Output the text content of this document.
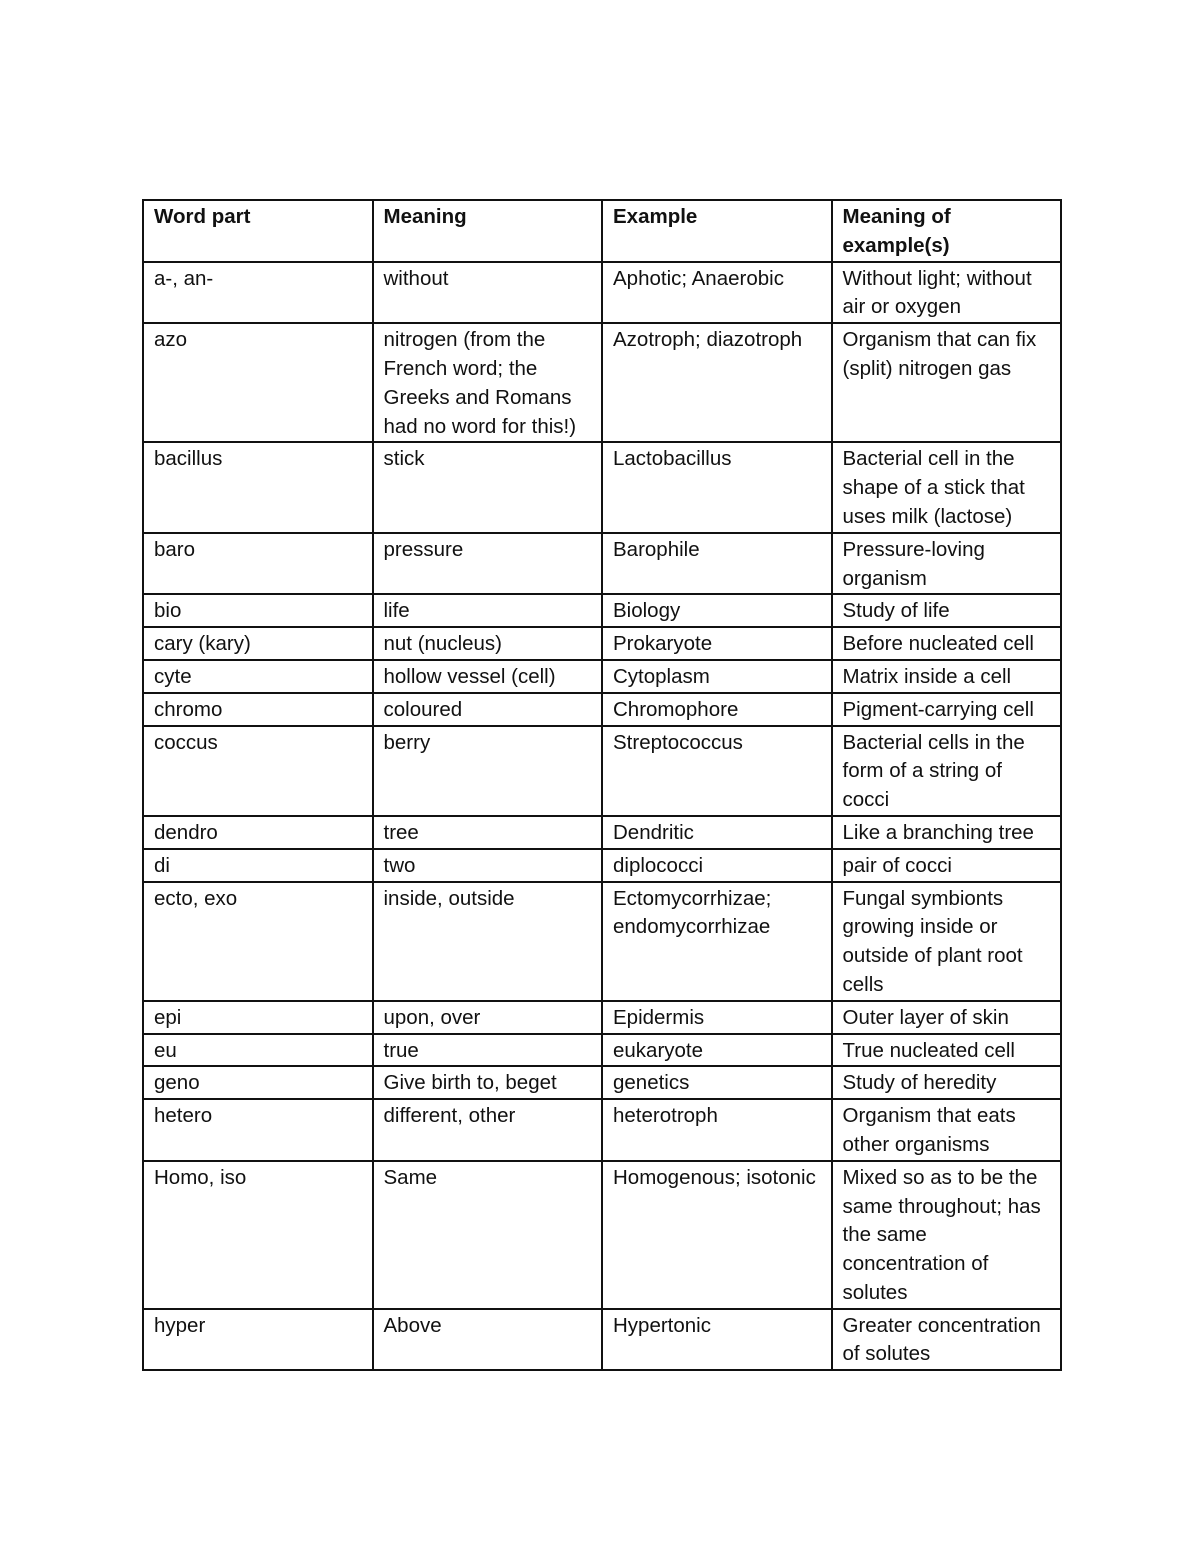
Word part	Meaning	Example	Meaning of example(s)
a-, an-	without	Aphotic; Anaerobic	Without light; without air or oxygen
azo	nitrogen (from the French word; the Greeks and Romans had no word for this!)	Azotroph; diazotroph	Organism that can fix (split) nitrogen gas
bacillus	stick	Lactobacillus	Bacterial cell in the shape of a stick that uses milk (lactose)
baro	pressure	Barophile	Pressure-loving organism
bio	life	Biology	Study of life
cary (kary)	nut (nucleus)	Prokaryote	Before nucleated cell
cyte	hollow vessel (cell)	Cytoplasm	Matrix inside a cell
chromo	coloured	Chromophore	Pigment-carrying cell
coccus	berry	Streptococcus	Bacterial cells in the form of a string of cocci
dendro	tree	Dendritic	Like a branching tree
di	two	diplococci	pair of cocci
ecto, exo	inside, outside	Ectomycorrhizae; endomycorrhizae	Fungal symbionts growing inside or outside of plant root cells
epi	upon, over	Epidermis	Outer layer of skin
eu	true	eukaryote	True nucleated cell
geno	Give birth to, beget	genetics	Study of heredity
hetero	different, other	heterotroph	Organism that eats other organisms
Homo, iso	Same	Homogenous; isotonic	Mixed so as to be the same throughout; has the same concentration of solutes
hyper	Above	Hypertonic	Greater concentration of solutes
